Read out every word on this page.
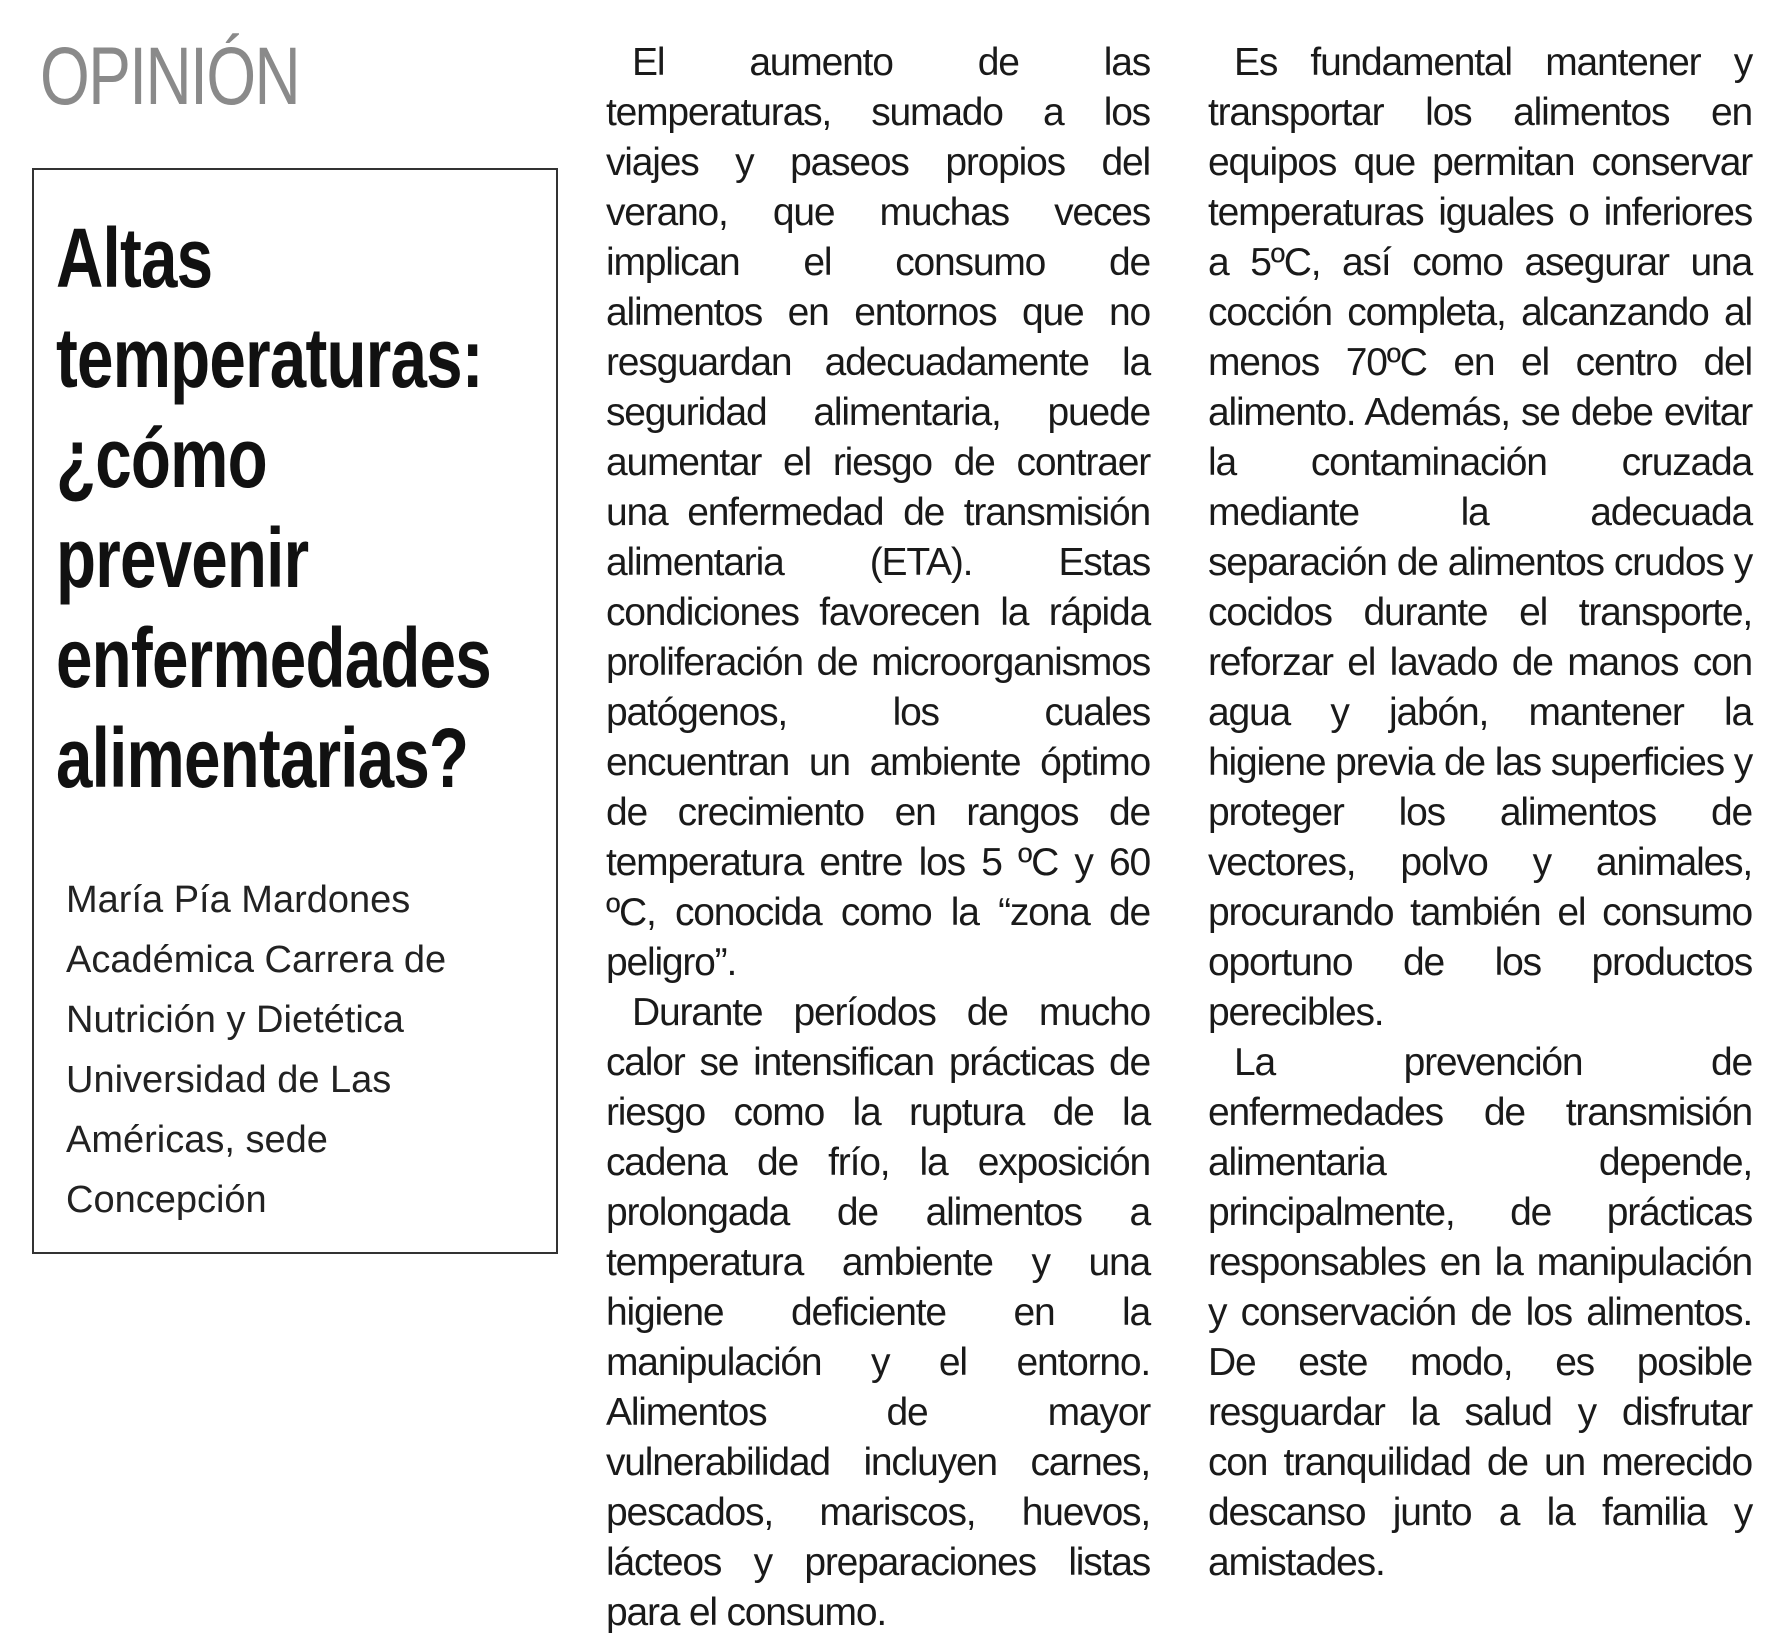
OPINIÓN
Altas
temperaturas:
¿cómo
prevenir
enfermedades
alimentarias?
María Pía Mardones
Académica Carrera de
Nutrición y Dietética
Universidad de Las
Américas, sede
Concepción

El aumento de las temperaturas, sumado a los viajes y paseos propios del verano, que muchas veces implican el consumo de alimentos en entornos que no resguardan adecuadamente la seguridad alimentaria, puede aumentar el riesgo de contraer una enfermedad de transmisión alimentaria (ETA). Estas condiciones favorecen la rápida proliferación de microorganismos patógenos, los cuales encuentran un ambiente óptimo de crecimiento en rangos de temperatura entre los 5 ºC y 60 ºC, conocida como la “zona de peligro”.

Durante períodos de mucho calor se intensifican prácticas de riesgo como la ruptura de la cadena de frío, la exposición prolongada de alimentos a temperatura ambiente y una higiene deficiente en la manipulación y el entorno. Alimentos de mayor vulnerabilidad incluyen carnes, pescados, mariscos, huevos, lácteos y preparaciones listas para el consumo.

Es fundamental mantener y transportar los alimentos en equipos que permitan conservar temperaturas iguales o inferiores a 5ºC, así como asegurar una cocción completa, alcanzando al menos 70ºC en el centro del alimento. Además, se debe evitar la contaminación cruzada mediante la adecuada separación de alimentos crudos y cocidos durante el transporte, reforzar el lavado de manos con agua y jabón, mantener la higiene previa de las superficies y proteger los alimentos de vectores, polvo y animales, procurando también el consumo oportuno de los productos perecibles.

La prevención de enfermedades de transmisión alimentaria depende, principalmente, de prácticas responsables en la manipulación y conservación de los alimentos. De este modo, es posible resguardar la salud y disfrutar con tranquilidad de un merecido descanso junto a la familia y amistades.
